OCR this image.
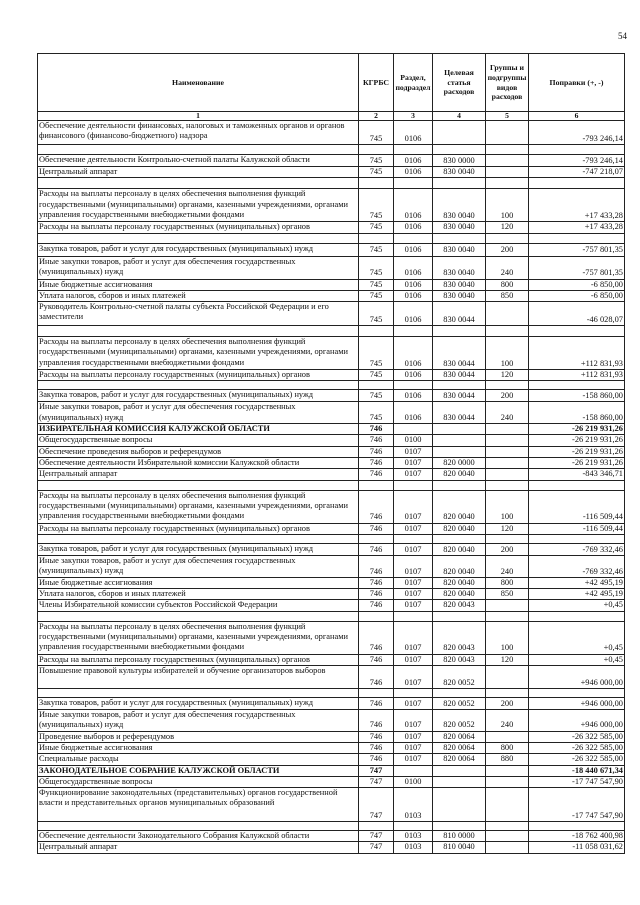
54
Наименование	КГРБС	Раздел, подраздел	Целевая статья расходов	Группы и подгруппы видов расходов	Поправки (+, -)
1	2	3	4	5	6
Обеспечение деятельности финансовых, налоговых и таможенных органов и органов финансового (финансово-бюджетного) надзора	745	0106			-793 246,14

Обеспечение деятельности Контрольно-счетной палаты Калужской области	745	0106	830 0000		-793 246,14
Центральный аппарат	745	0106	830 0040		-747 218,07

Расходы на выплаты персоналу в целях обеспечения выполнения функций государственными (муниципальными) органами, казенными учреждениями, органами управления государственными внебюджетными фондами	745	0106	830 0040	100	+17 433,28
Расходы на выплаты персоналу государственных (муниципальных) органов	745	0106	830 0040	120	+17 433,28

Закупка товаров, работ и услуг для государственных (муниципальных) нужд	745	0106	830 0040	200	-757 801,35
Иные закупки товаров, работ и услуг для обеспечения государственных (муниципальных) нужд	745	0106	830 0040	240	-757 801,35
Иные бюджетные ассигнования	745	0106	830 0040	800	-6 850,00
Уплата налогов, сборов и иных платежей	745	0106	830 0040	850	-6 850,00
Руководитель Контрольно-счетной палаты субъекта Российской Федерации и его заместители	745	0106	830 0044		-46 028,07

Расходы на выплаты персоналу в целях обеспечения выполнения функций государственными (муниципальными) органами, казенными учреждениями, органами управления государственными внебюджетными фондами	745	0106	830 0044	100	+112 831,93
Расходы на выплаты персоналу государственных (муниципальных) органов	745	0106	830 0044	120	+112 831,93

Закупка товаров, работ и услуг для государственных (муниципальных) нужд	745	0106	830 0044	200	-158 860,00
Иные закупки товаров, работ и услуг для обеспечения государственных (муниципальных) нужд	745	0106	830 0044	240	-158 860,00
ИЗБИРАТЕЛЬНАЯ КОМИССИЯ КАЛУЖСКОЙ ОБЛАСТИ	746				-26 219 931,26
Общегосударственные вопросы	746	0100			-26 219 931,26
Обеспечение проведения выборов и референдумов	746	0107			-26 219 931,26
Обеспечение деятельности Избирательной комиссии Калужской области	746	0107	820 0000		-26 219 931,26
Центральный аппарат	746	0107	820 0040		-843 346,71

Расходы на выплаты персоналу в целях обеспечения выполнения функций государственными (муниципальными) органами, казенными учреждениями, органами управления государственными внебюджетными фондами	746	0107	820 0040	100	-116 509,44
Расходы на выплаты персоналу государственных (муниципальных) органов	746	0107	820 0040	120	-116 509,44

Закупка товаров, работ и услуг для государственных (муниципальных) нужд	746	0107	820 0040	200	-769 332,46
Иные закупки товаров, работ и услуг для обеспечения государственных (муниципальных) нужд	746	0107	820 0040	240	-769 332,46
Иные бюджетные ассигнования	746	0107	820 0040	800	+42 495,19
Уплата налогов, сборов и иных платежей	746	0107	820 0040	850	+42 495,19
Члены Избирательной комиссии субъектов Российской Федерации	746	0107	820 0043		+0,45

Расходы на выплаты персоналу в целях обеспечения выполнения функций государственными (муниципальными) органами, казенными учреждениями, органами управления государственными внебюджетными фондами	746	0107	820 0043	100	+0,45
Расходы на выплаты персоналу государственных (муниципальных) органов	746	0107	820 0043	120	+0,45
Повышение правовой культуры избирателей и обучение организаторов выборов	746	0107	820 0052		+946 000,00

Закупка товаров, работ и услуг для государственных (муниципальных) нужд	746	0107	820 0052	200	+946 000,00
Иные закупки товаров, работ и услуг для обеспечения государственных (муниципальных) нужд	746	0107	820 0052	240	+946 000,00
Проведение выборов и референдумов	746	0107	820 0064		-26 322 585,00
Иные бюджетные ассигнования	746	0107	820 0064	800	-26 322 585,00
Специальные расходы	746	0107	820 0064	880	-26 322 585,00
ЗАКОНОДАТЕЛЬНОЕ СОБРАНИЕ КАЛУЖСКОЙ ОБЛАСТИ	747				-18 440 671,34
Общегосударственные вопросы	747	0100			-17 747 547,90
Функционирование законодательных (представительных) органов государственной власти и представительных органов муниципальных образований	747	0103			-17 747 547,90

Обеспечение деятельности Законодательного Собрания Калужской области	747	0103	810 0000		-18 762 400,98
Центральный аппарат	747	0103	810 0040		-11 058 031,62
